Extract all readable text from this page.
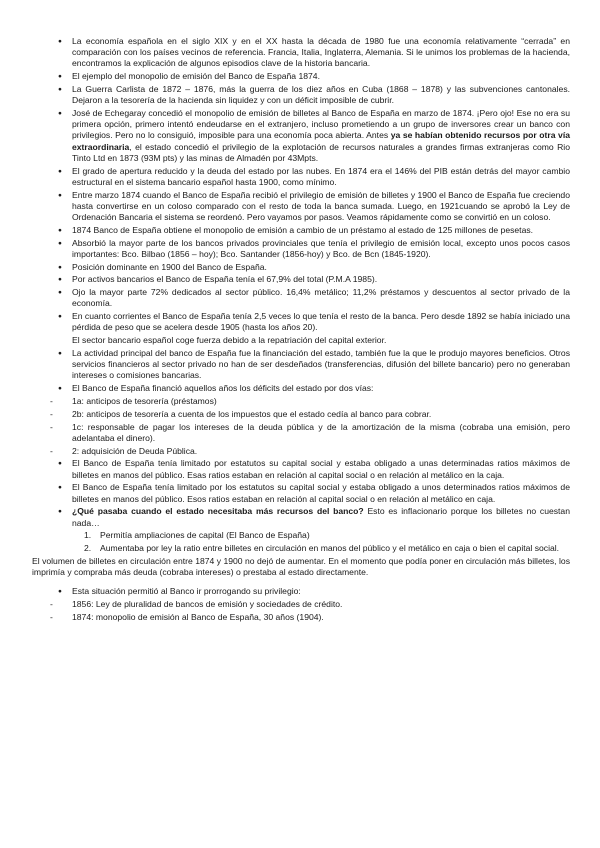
●
La economía española en el siglo XIX y en el XX hasta la década de 1980 fue una economía relativamente “cerrada” en comparación con los países vecinos de referencia. Francia, Italia, Inglaterra, Alemania. Si le unimos los problemas de la hacienda, encontramos la explicación de algunos episodios clave de la historia bancaria.
●
El ejemplo del monopolio de emisión del Banco de España 1874.
●
La Guerra Carlista de 1872 – 1876, más la guerra de los diez años en Cuba (1868 – 1878) y las subvenciones cantonales. Dejaron a la tesorería de la hacienda sin liquidez y con un déficit imposible de cubrir.
●
José de Echegaray concedió el monopolio de emisión de billetes al Banco de España en marzo de 1874. ¡Pero ojo! Ese no era su primera opción, primero intentó endeudarse en el extranjero, incluso prometiendo a un grupo de inversores crear un banco con privilegios. Pero no lo consiguió, imposible para una economía poca abierta. Antes ya se habían obtenido recursos por otra vía extraordinaria, el estado concedió el privilegio de la explotación de recursos naturales a grandes firmas extranjeras como Rio Tinto Ltd en 1873 (93M pts) y las minas de Almadén por 43Mpts.
●
El grado de apertura reducido y la deuda del estado por las nubes. En 1874 era el 146% del PIB están detrás del mayor cambio estructural en el sistema bancario español hasta 1900, como mínimo.
●
Entre marzo 1874 cuando el Banco de España recibió el privilegio de emisión de billetes y 1900 el Banco de España fue creciendo hasta convertirse en un coloso comparado con el resto de toda la banca sumada. Luego, en 1921cuando se aprobó la Ley de Ordenación Bancaria el sistema se reordenó. Pero vayamos por pasos. Veamos rápidamente como se convirtió en un coloso.
●
1874 Banco de España obtiene el monopolio de emisión a cambio de un préstamo al estado de 125 millones de pesetas.
●
Absorbió la mayor parte de los bancos privados provinciales que tenía el privilegio de emisión local, excepto unos pocos casos importantes: Bco. Bilbao (1856 – hoy); Bco. Santander (1856-hoy) y Bco. de Bcn (1845-1920).
●
Posición dominante en 1900 del Banco de España.
●
Por activos bancarios el Banco de España tenía el 67,9% del total (P.M.A 1985).
●
Ojo la mayor parte 72% dedicados al sector público. 16,4% metálico; 11,2% préstamos y descuentos al sector privado de la economía.
●
En cuanto corrientes el Banco de España tenía 2,5 veces lo que tenía el resto de la banca. Pero desde 1892 se había iniciado una pérdida de peso que se acelera desde 1905 (hasta los años 20).
El sector bancario español coge fuerza debido a la repatriación del capital exterior.
●
La actividad principal del banco de España fue la financiación del estado, también fue la que le produjo mayores beneficios. Otros servicios financieros al sector privado no han de ser desdeñados (transferencias, difusión del billete bancario) pero no generaban intereses o comisiones bancarias.
●
El Banco de España financió aquellos años los déficits del estado por dos vías:
-	1a: anticipos de tesorería (préstamos)
-	2b: anticipos de tesorería a cuenta de los impuestos que el estado cedía al banco para cobrar.
-	1c: responsable de pagar los intereses de la deuda pública y de la amortización de la misma (cobraba una emisión, pero adelantaba el dinero).
-	2: adquisición de Deuda Pública.
●
El Banco de España tenía limitado por estatutos su capital social y estaba obligado a unas determinadas ratios máximos de billetes en manos del público. Esas ratios estaban en relación al capital social o en relación al metálico en la caja.
●
El Banco de España tenía limitado por los estatutos su capital social y estaba obligado a unos determinados ratios máximos de billetes en manos del público. Esos ratios estaban en relación al capital social o en relación al metálico en caja.
●
¿Qué pasaba cuando el estado necesitaba más recursos del banco? Esto es inflacionario porque los billetes no cuestan nada…
1.	Permitía ampliaciones de capital (El Banco de España)
2.	Aumentaba por ley la ratio entre billetes en circulación en manos del público y el metálico en caja o bien el capital social.

El volumen de billetes en circulación entre 1874 y 1900 no dejó de aumentar. En el momento que podía poner en circulación más billetes, los imprimía y compraba más deuda (cobraba intereses) o prestaba al estado directamente.

●
Esta situación permitió al Banco ir prorrogando su privilegio:
-	1856: Ley de pluralidad de bancos de emisión y sociedades de crédito.
-	1874: monopolio de emisión al Banco de España, 30 años (1904).
